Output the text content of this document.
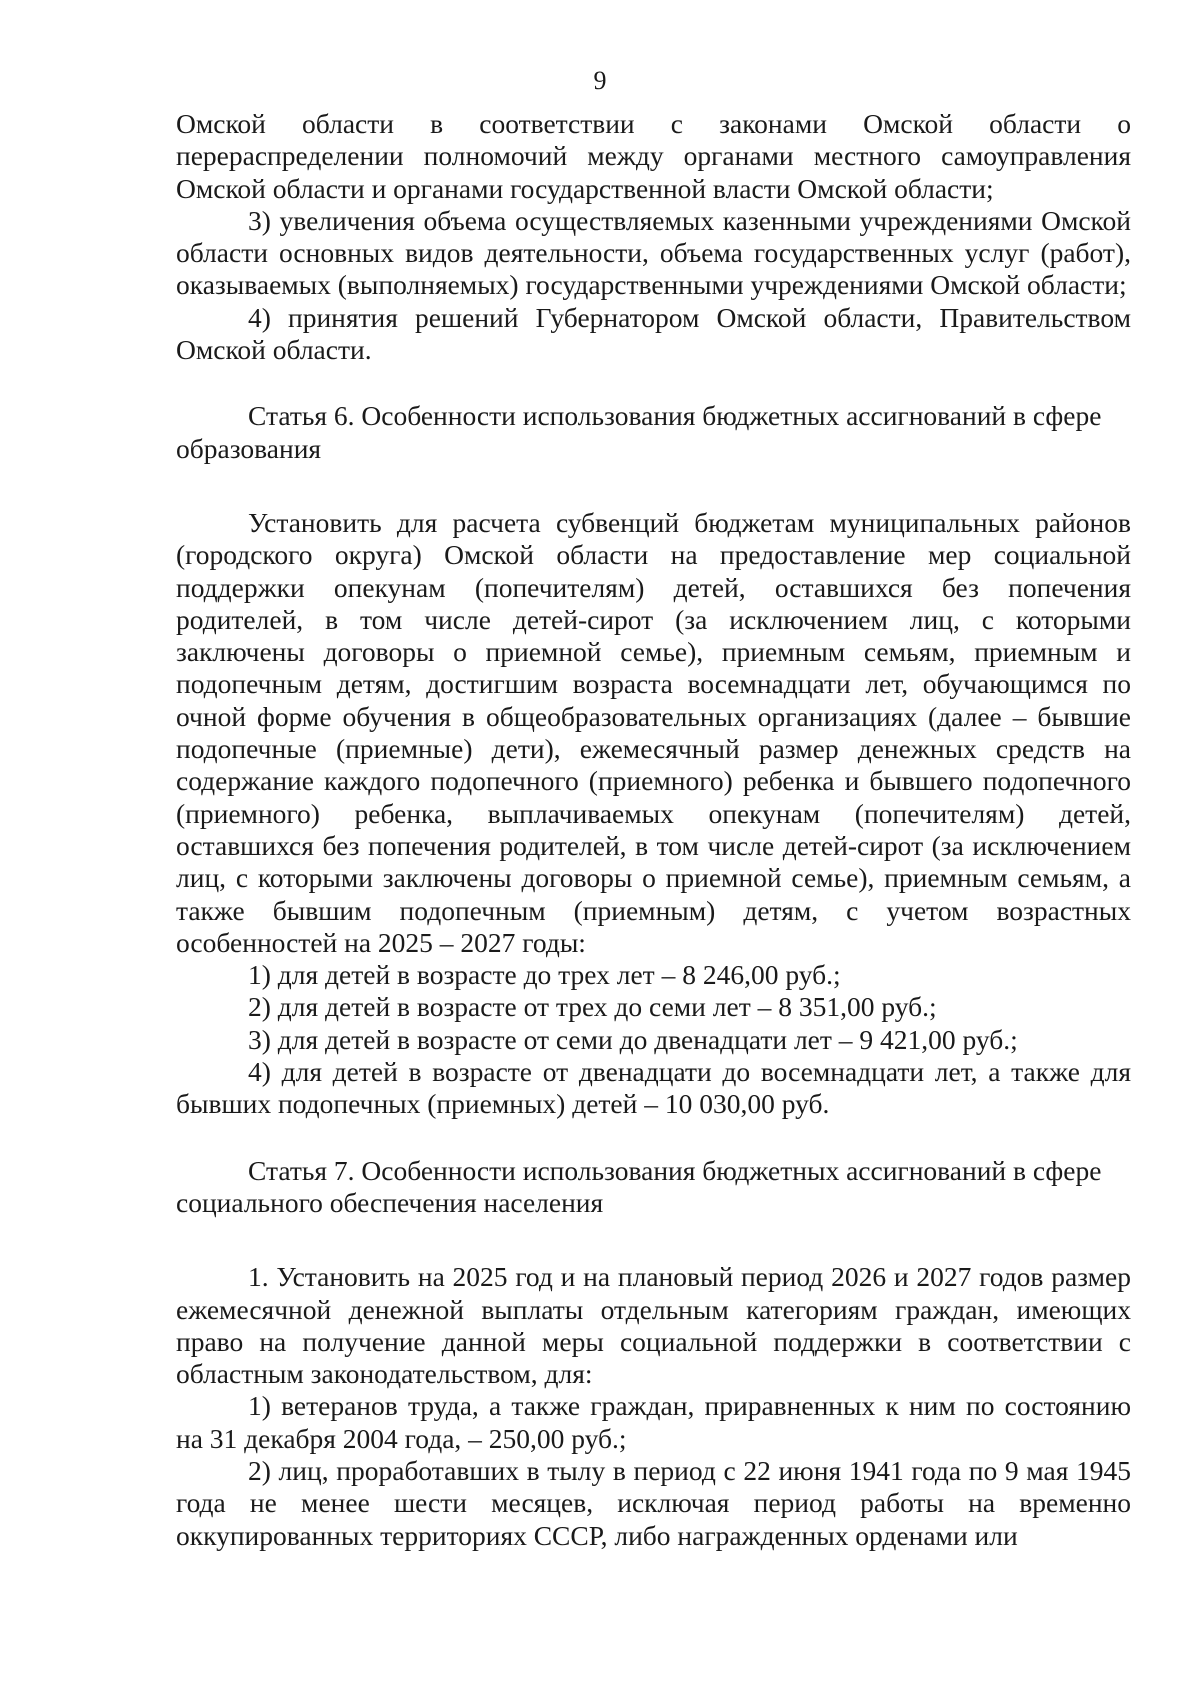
9

Омской области в соответствии с законами Омской области о перераспределении полномочий между органами местного самоуправления Омской области и органами государственной власти Омской области;

3) увеличения объема осуществляемых казенными учреждениями Омской области основных видов деятельности, объема государственных услуг (работ), оказываемых (выполняемых) государственными учреждениями Омской области;

4) принятия решений Губернатором Омской области, Правительством Омской области.

Статья 6. Особенности использования бюджетных ассигнований в сфере образования

Установить для расчета субвенций бюджетам муниципальных районов (городского округа) Омской области на предоставление мер социальной поддержки опекунам (попечителям) детей, оставшихся без попечения родителей, в том числе детей-сирот (за исключением лиц, с которыми заключены договоры о приемной семье), приемным семьям, приемным и подопечным детям, достигшим возраста восемнадцати лет, обучающимся по очной форме обучения в общеобразовательных организациях (далее – бывшие подопечные (приемные) дети), ежемесячный размер денежных средств на содержание каждого подопечного (приемного) ребенка и бывшего подопечного (приемного) ребенка, выплачиваемых опекунам (попечителям) детей, оставшихся без попечения родителей, в том числе детей-сирот (за исключением лиц, с которыми заключены договоры о приемной семье), приемным семьям, а также бывшим подопечным (приемным) детям, с учетом возрастных особенностей на 2025 – 2027 годы:

1) для детей в возрасте до трех лет – 8 246,00 руб.;

2) для детей в возрасте от трех до семи лет – 8 351,00 руб.;

3) для детей в возрасте от семи до двенадцати лет – 9 421,00 руб.;

4) для детей в возрасте от двенадцати до восемнадцати лет, а также для бывших подопечных (приемных) детей – 10 030,00 руб.

Статья 7. Особенности использования бюджетных ассигнований в сфере социального обеспечения населения

1. Установить на 2025 год и на плановый период 2026 и 2027 годов размер ежемесячной денежной выплаты отдельным категориям граждан, имеющих право на получение данной меры социальной поддержки в соответствии с областным законодательством, для:

1) ветеранов труда, а также граждан, приравненных к ним по состоянию на 31 декабря 2004 года, – 250,00 руб.;

2) лиц, проработавших в тылу в период с 22 июня 1941 года по 9 мая 1945 года не менее шести месяцев, исключая период работы на временно оккупированных территориях СССР, либо награжденных орденами или
